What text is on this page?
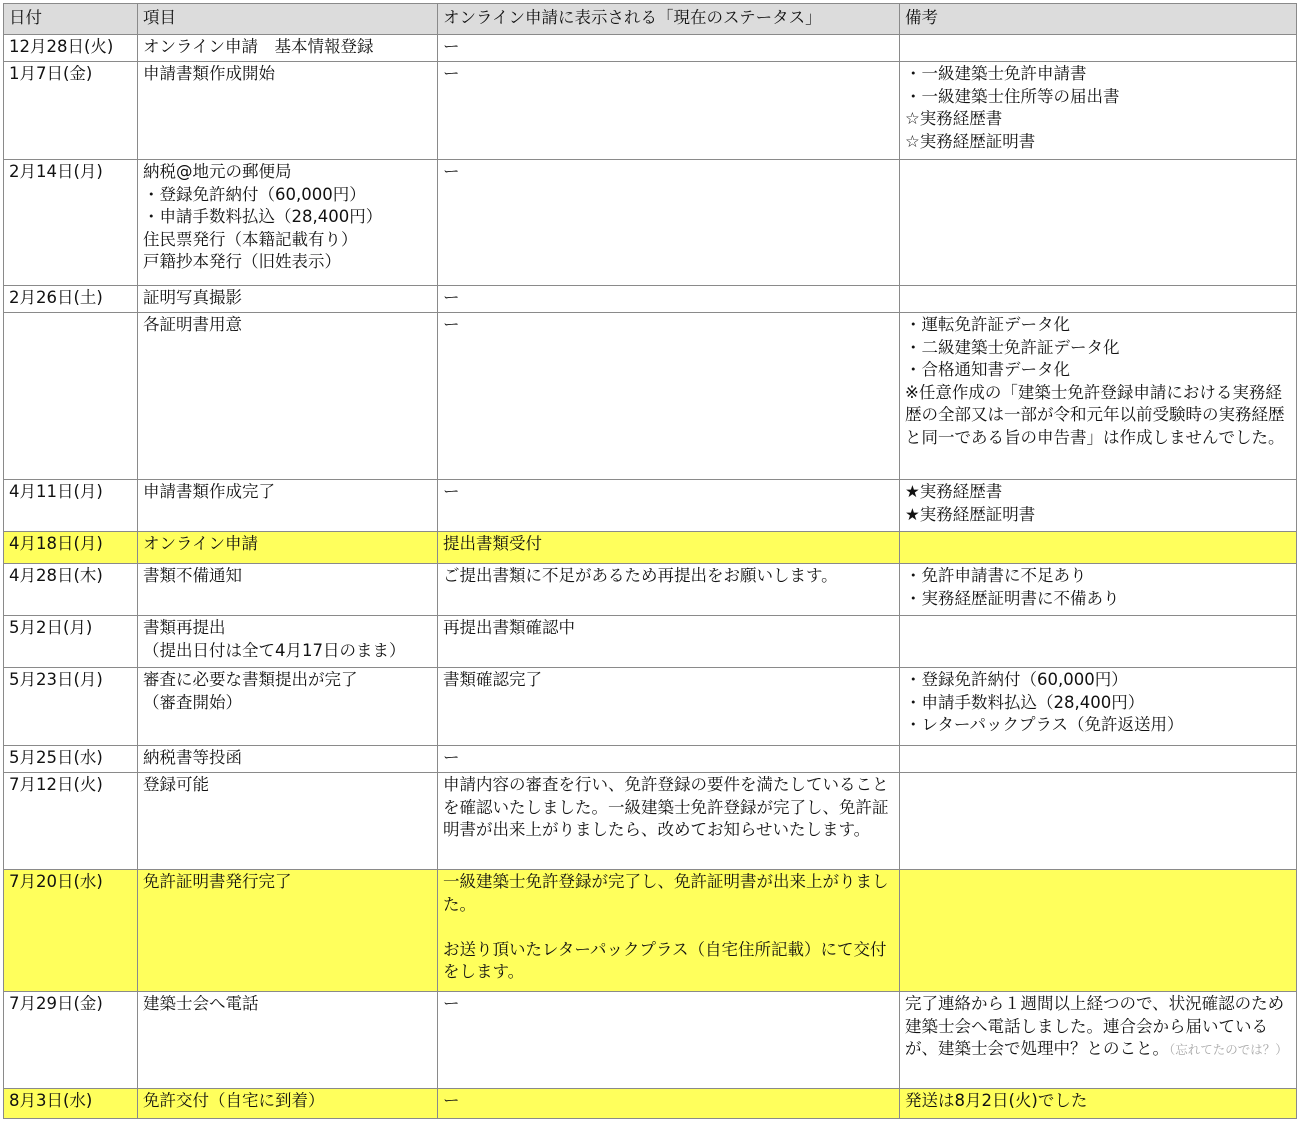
日付	項目	オンライン申請に表示される「現在のステータス」	備考
12月28日(火)	オンライン申請　基本情報登録	ー	
1月7日(金)	申請書類作成開始	ー	・一級建築士免許申請書
・一級建築士住所等の届出書
☆実務経歴書
☆実務経歴証明書
2月14日(月)	納税@地元の郵便局
・登録免許納付（60,000円）
・申請手数料払込（28,400円）
住民票発行（本籍記載有り）
戸籍抄本発行（旧姓表示）	ー	
2月26日(土)	証明写真撮影	ー	
	各証明書用意	ー	・運転免許証データ化
・二級建築士免許証データ化
・合格通知書データ化
※任意作成の「建築士免許登録申請における実務経歴の全部又は一部が令和元年以前受験時の実務経歴と同一である旨の申告書」は作成しませんでした。
4月11日(月)	申請書類作成完了	ー	★実務経歴書
★実務経歴証明書
4月18日(月)	オンライン申請	提出書類受付	
4月28日(木)	書類不備通知	ご提出書類に不足があるため再提出をお願いします。	・免許申請書に不足あり
・実務経歴証明書に不備あり
5月2日(月)	書類再提出
（提出日付は全て4月17日のまま）	再提出書類確認中	
5月23日(月)	審査に必要な書類提出が完了
（審査開始）	書類確認完了	・登録免許納付（60,000円）
・申請手数料払込（28,400円）
・レターパックプラス（免許返送用）
5月25日(水)	納税書等投函	ー	
7月12日(火)	登録可能	申請内容の審査を行い、免許登録の要件を満たしていることを確認いたしました。一級建築士免許登録が完了し、免許証明書が出来上がりましたら、改めてお知らせいたします。	
7月20日(水)	免許証明書発行完了	一級建築士免許登録が完了し、免許証明書が出来上がりました。

お送り頂いたレターパックプラス（自宅住所記載）にて交付をします。	
7月29日(金)	建築士会へ電話	ー	完了連絡から１週間以上経つので、状況確認のため建築士会へ電話しました。連合会から届いているが、建築士会で処理中？とのこと。（忘れてたのでは？）
8月3日(水)	免許交付（自宅に到着）	ー	発送は8月2日(火)でした
